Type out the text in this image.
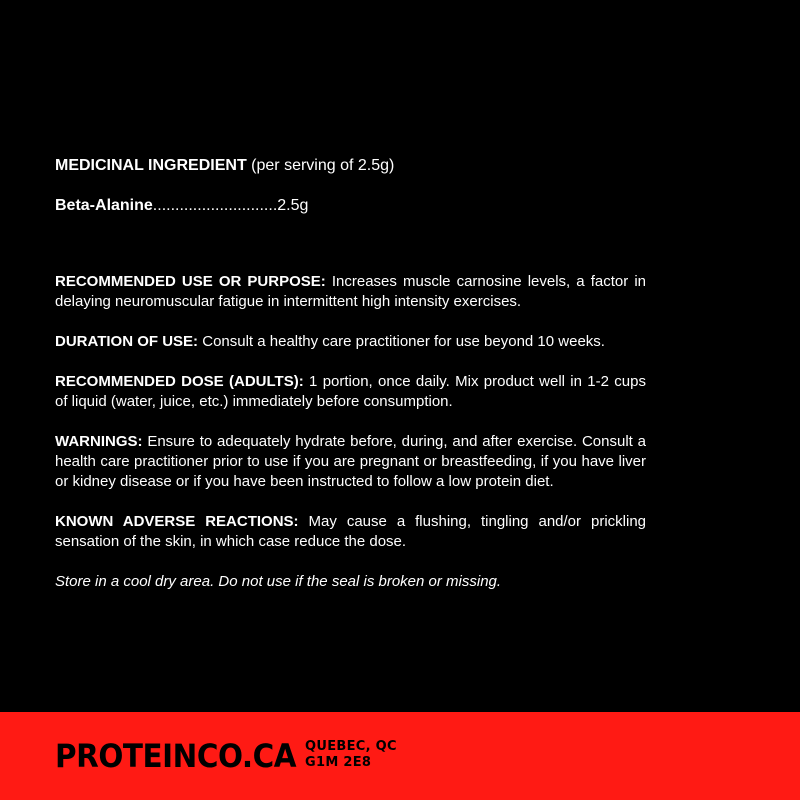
MEDICINAL INGREDIENT (per serving of 2.5g)

Beta-Alanine............................2.5g

RECOMMENDED USE OR PURPOSE: Increases muscle carnosine levels, a factor in delaying neuromuscular fatigue in intermittent high intensity exercises.

DURATION OF USE: Consult a healthy care practitioner for use beyond 10 weeks.

RECOMMENDED DOSE (ADULTS): 1 portion, once daily. Mix product well in 1-2 cups of liquid (water, juice, etc.) immediately before consumption.

WARNINGS: Ensure to adequately hydrate before, during, and after exercise. Consult a health care practitioner prior to use if you are pregnant or breastfeeding, if you have liver or kidney disease or if you have been instructed to follow a low protein diet.

KNOWN ADVERSE REACTIONS: May cause a flushing, tingling and/or prickling sensation of the skin, in which case reduce the dose.

Store in a cool dry area. Do not use if the seal is broken or missing.

PROTEINCO.CA QUEBEC, QC
G1M 2E8
